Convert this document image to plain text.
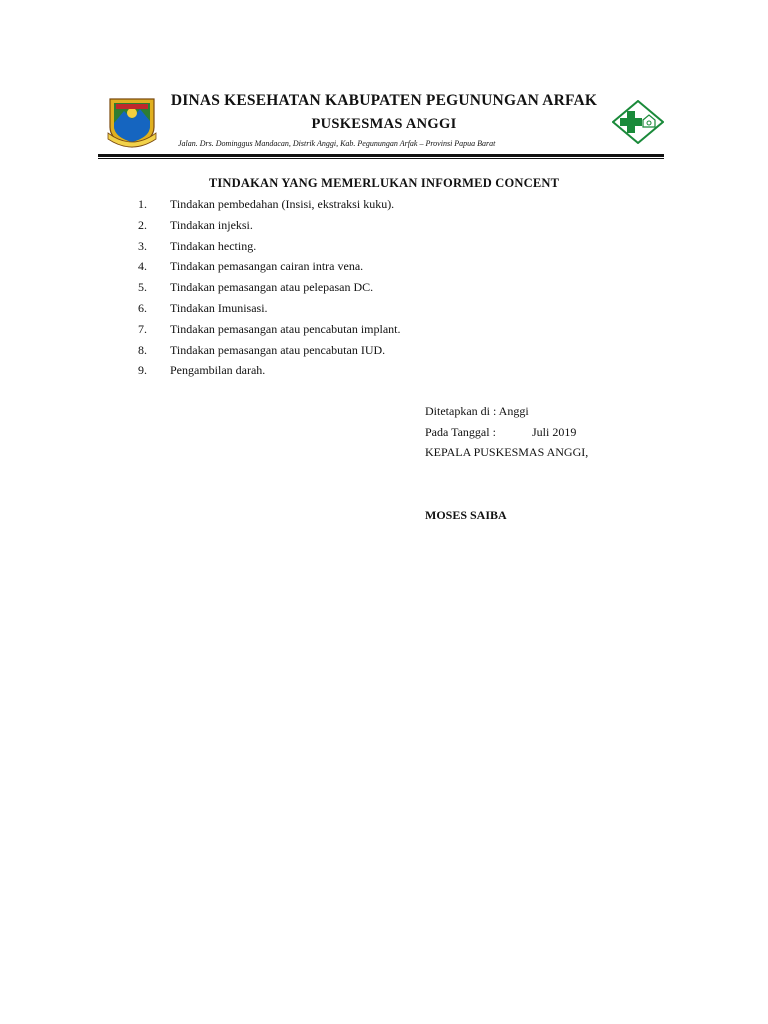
DINAS KESEHATAN KABUPATEN PEGUNUNGAN ARFAK
PUSKESMAS ANGGI
Jalan. Drs. Dominggus Mandacan, Distrik Anggi, Kab. Pegunungan Arfak – Provinsi Papua Barat
TINDAKAN YANG MEMERLUKAN INFORMED CONCENT
1. Tindakan pembedahan (Insisi, ekstraksi kuku).
2. Tindakan injeksi.
3. Tindakan hecting.
4. Tindakan pemasangan cairan intra vena.
5. Tindakan pemasangan atau pelepasan DC.
6. Tindakan Imunisasi.
7. Tindakan pemasangan atau pencabutan implant.
8. Tindakan pemasangan atau pencabutan IUD.
9. Pengambilan darah.
Ditetapkan di : Anggi
Pada Tanggal :	Juli 2019
KEPALA PUSKESMAS ANGGI,
MOSES SAIBA
